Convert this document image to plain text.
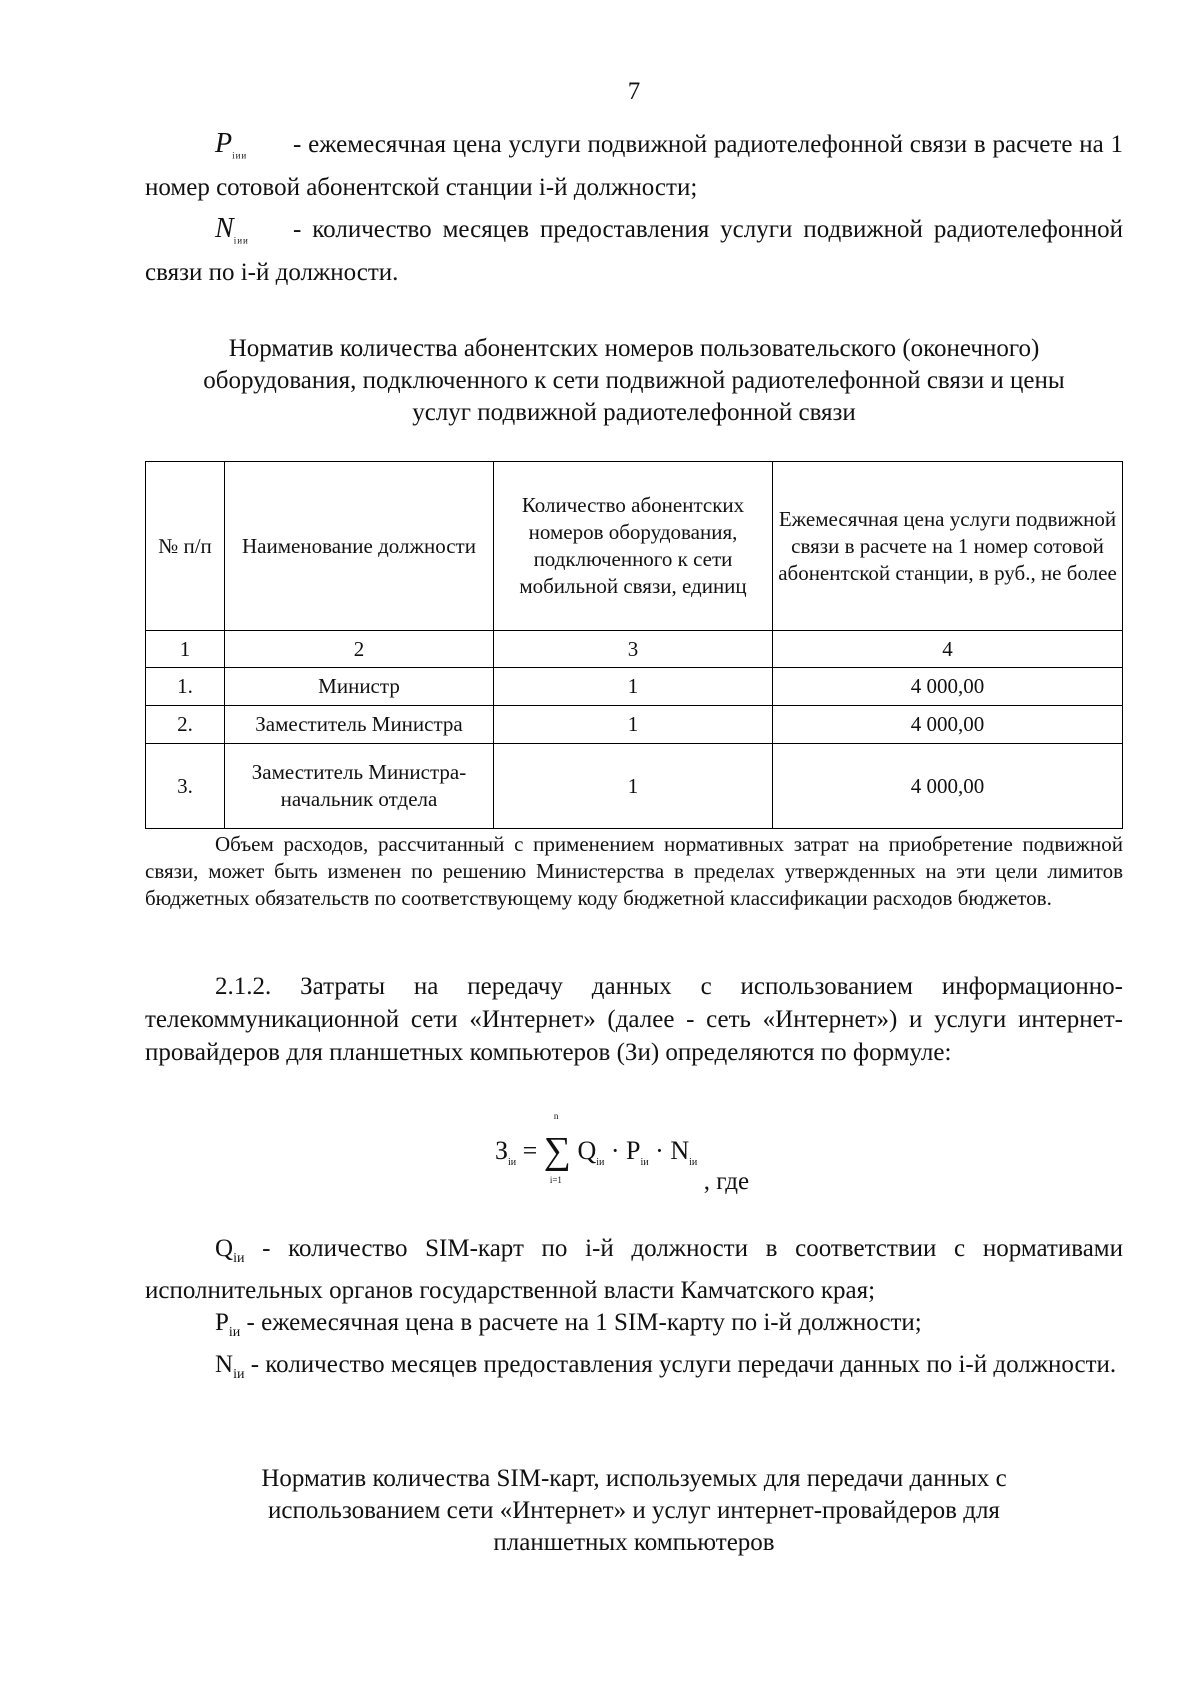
7

$P_{iии}$ - ежемесячная цена услуги подвижной радиотелефонной связи в расчете на 1 номер сотовой абонентской станции i-й должности;

$N_{iии}$ - количество месяцев предоставления услуги подвижной радиотелефонной связи по i-й должности.

Норматив количества абонентских номеров пользовательского (оконечного) оборудования, подключенного к сети подвижной радиотелефонной связи и цены услуг подвижной радиотелефонной связи

№ п/п	Наименование должности	Количество абонентских номеров оборудования, подключенного к сети мобильной связи, единиц	Ежемесячная цена услуги подвижной связи в расчете на 1 номер сотовой абонентской станции, в руб., не более
1	2	3	4
1.	Министр	1	4 000,00
2.	Заместитель Министра	1	4 000,00
3.	Заместитель Министра-начальник отдела	1	4 000,00

Объем расходов, рассчитанный с применением нормативных затрат на приобретение подвижной связи, может быть изменен по решению Министерства в пределах утвержденных на эти цели лимитов бюджетных обязательств по соответствующему коду бюджетной классификации расходов бюджетов.

2.1.2. Затраты на передачу данных с использованием информационно-телекоммуникационной сети «Интернет» (далее - сеть «Интернет») и услуги интернет-провайдеров для планшетных компьютеров (Зи) определяются по формуле:

$З_{iи}$ =
n
∑
i=1
$Q_{iи} \cdot P_{iи} \cdot N_{iи}$ , где

$Q_{iи}$ - количество SIM-карт по i-й должности в соответствии с нормативами исполнительных органов государственной власти Камчатского края;

$P_{iи}$ - ежемесячная цена в расчете на 1 SIM-карту по i-й должности;

$N_{iи}$ - количество месяцев предоставления услуги передачи данных по i-й должности.

Норматив количества SIM-карт, используемых для передачи данных с использованием сети «Интернет» и услуг интернет-провайдеров для планшетных компьютеров
